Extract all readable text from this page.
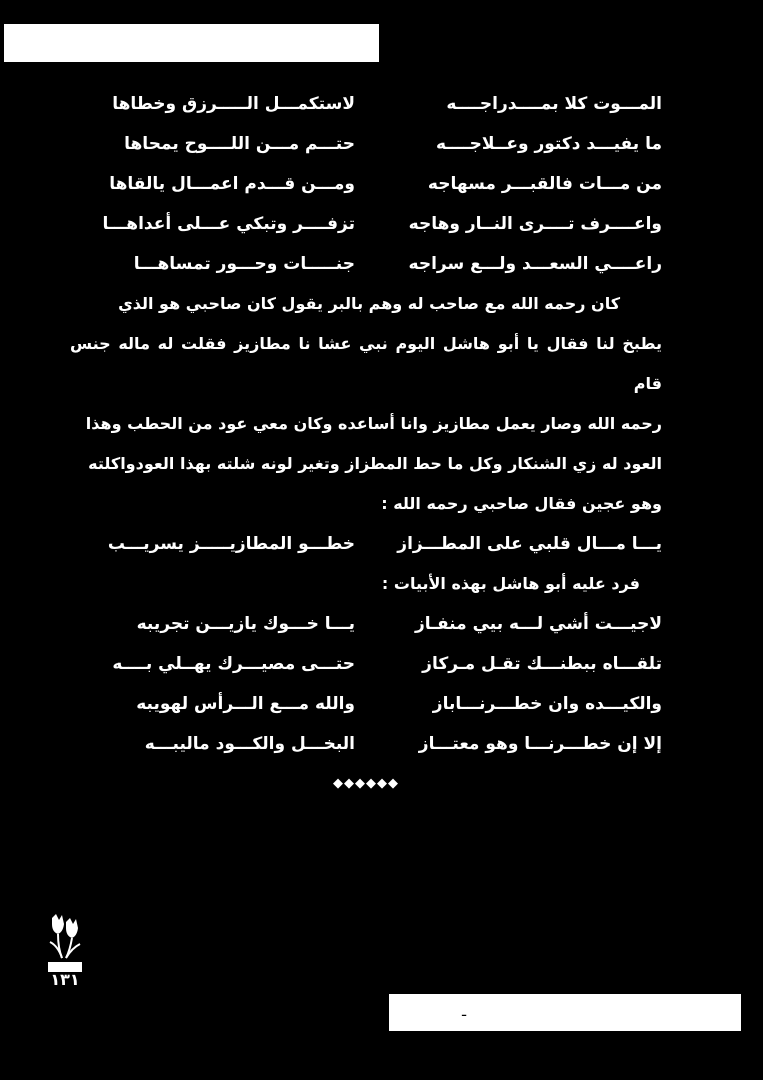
المـــوت كلا بمــــدراجــــه
لاستكمـــل الـــــرزق وخطاها
ما يفيـــد دكتور وعــلاجــــه
حتـــم مـــن اللــــوح يمحاها
من مـــات فالقبـــر مسهاجه
ومـــن قـــدم اعمـــال يالقاها
واعــــرف تــــرى النــار وهاجه
تزفــــر وتبكي عـــلى أعداهـــا
راعــــي السعـــد ولـــع سراجه
جنـــــات وحـــور تمساهـــا

كان رحمه الله مع صاحب له وهم بالبر يقول كان صاحبي هو الذي

يطبخ لنا فقال يا أبو هاشل اليوم نبي عشا نا مطازيز فقلت له ماله جنس قام

رحمه الله وصار يعمل مطازيز وانا أساعده وكان معي عود من الحطب وهذا

العود له زي الشنكار وكل ما حط المطزاز وتغير لونه شلته بهذا العودواكلته

وهو عجين فقال صاحبي رحمه الله :

يـــا مـــال قلبي على المطـــزاز
خطـــو المطازيـــــز يسريـــب
فرد عليه أبو هاشل بهذه الأبيات :
لاجيـــت أشي لـــه بيي منفـاز
يـــا خـــوك يازيـــن تجريبه
تلقـــاه ببطنـــك تقـل مـركاز
حتـــى مصيـــرك يهــلي بــــه
والكيـــده وان خطـــرنـــاباز
والله مـــع الـــرأس لهويبه
إلا إن خطـــرنـــا وهو معتـــاز
البخـــل والكـــود ماليبـــه
◆◆◆◆◆◆
١٣١
ـ
